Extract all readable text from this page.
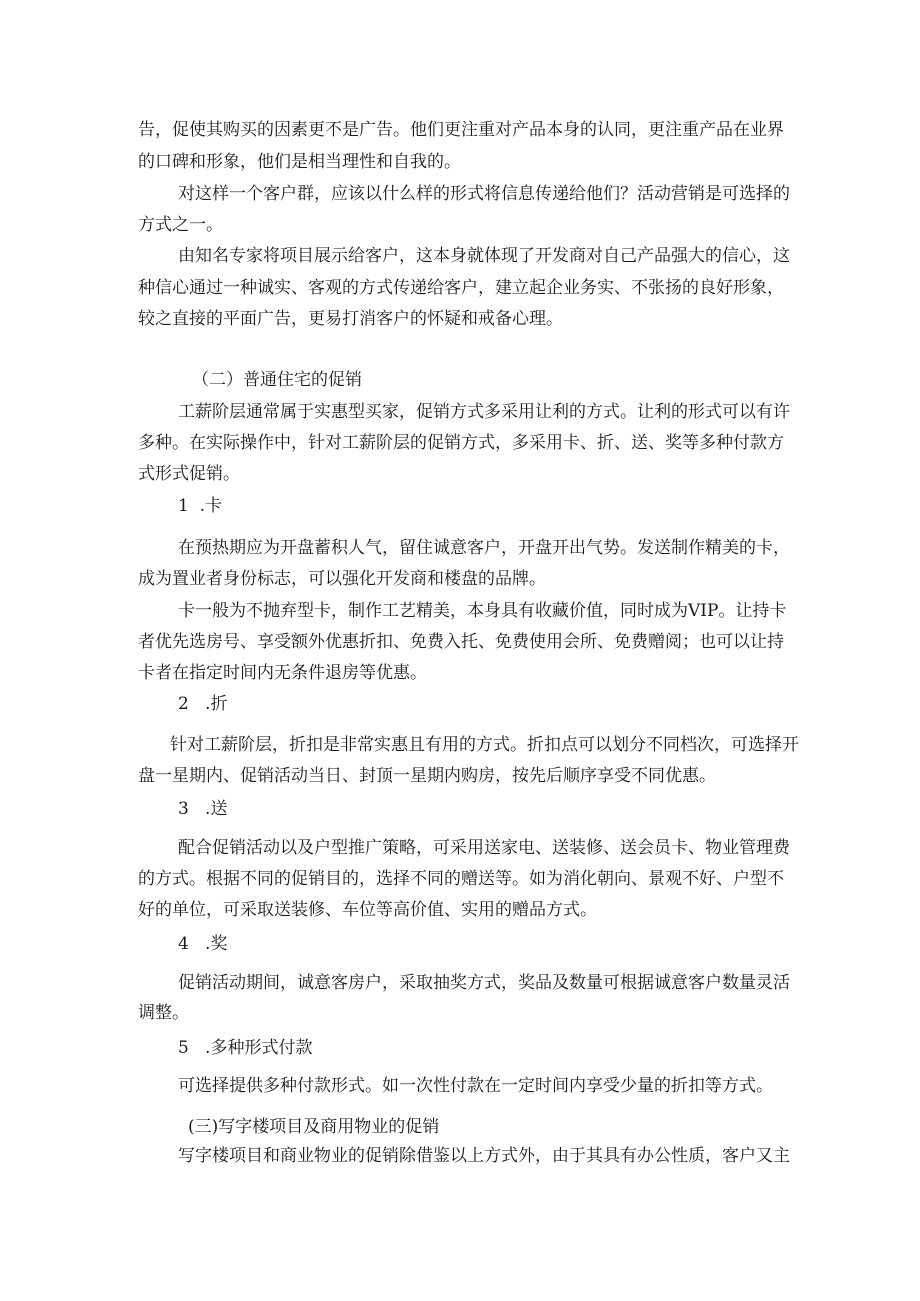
告，促使其购买的因素更不是广告。他们更注重对产品本身的认同，更注重产品在业界
的口碑和形象，他们是相当理性和自我的。
对这样一个客户群，应该以什么样的形式将信息传递给他们？活动营销是可选择的
方式之一。
由知名专家将项目展示给客户，这本身就体现了开发商对自己产品强大的信心，这
种信心通过一种诚实、客观的方式传递给客户，建立起企业务实、不张扬的良好形象，
较之直接的平面广告，更易打消客户的怀疑和戒备心理。
（二）普通住宅的促销
工薪阶层通常属于实惠型买家，促销方式多采用让利的方式。让利的形式可以有许
多种。在实际操作中，针对工薪阶层的促销方式，多采用卡、折、送、奖等多种付款方
式形式促销。
1 .卡
在预热期应为开盘蓄积人气，留住诚意客户，开盘开出气势。发送制作精美的卡，
成为置业者身份标志，可以强化开发商和楼盘的品牌。
卡一般为不抛弃型卡，制作工艺精美，本身具有收藏价值，同时成为VIP。让持卡
者优先选房号、享受额外优惠折扣、免费入托、免费使用会所、免费赠阅；也可以让持
卡者在指定时间内无条件退房等优惠。
2 .折
针对工薪阶层，折扣是非常实惠且有用的方式。折扣点可以划分不同档次，可选择开
盘一星期内、促销活动当日、封顶一星期内购房，按先后顺序享受不同优惠。
3 .送
配合促销活动以及户型推广策略，可采用送家电、送装修、送会员卡、物业管理费
的方式。根据不同的促销目的，选择不同的赠送等。如为消化朝向、景观不好、户型不
好的单位，可采取送装修、车位等高价值、实用的赠品方式。
4 .奖
促销活动期间，诚意客房户，采取抽奖方式，奖品及数量可根据诚意客户数量灵活
调整。
5 .多种形式付款
可选择提供多种付款形式。如一次性付款在一定时间内享受少量的折扣等方式。
(三)写字楼项目及商用物业的促销
写字楼项目和商业物业的促销除借鉴以上方式外，由于其具有办公性质，客户又主
